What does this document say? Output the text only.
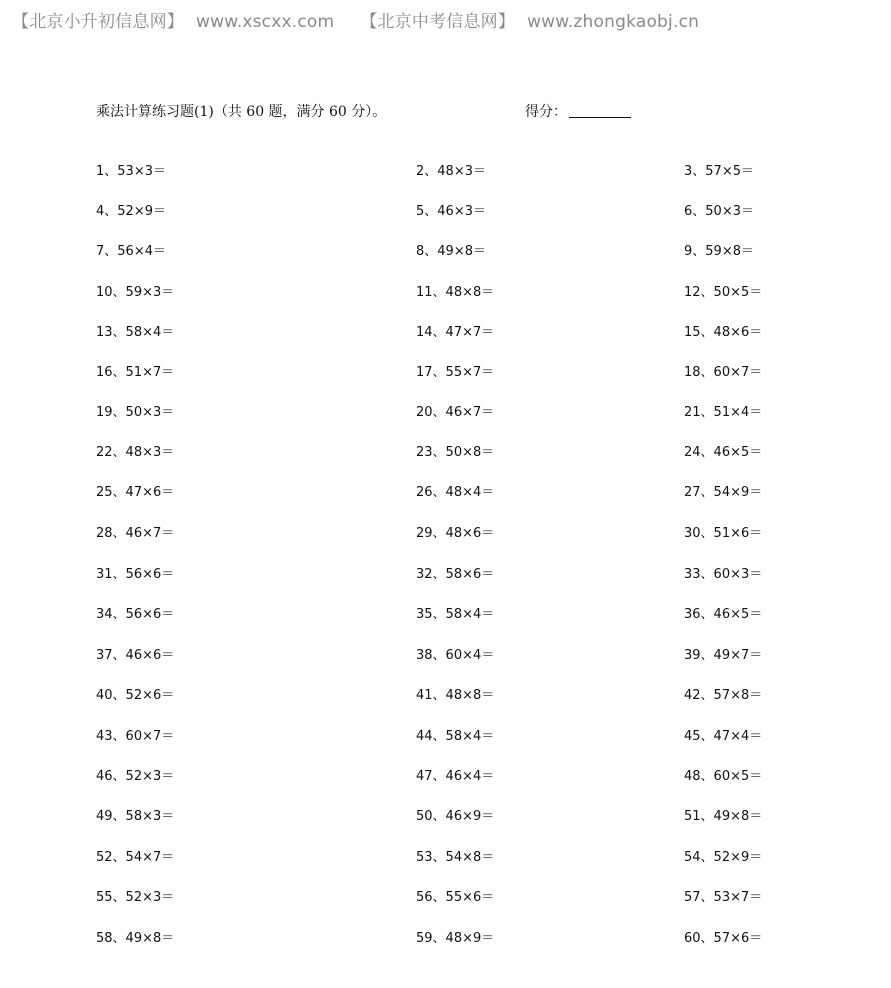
【北京小升初信息网】 www.xscxx.com 【北京中考信息网】 www.zhongkaobj.cn
乘法计算练习题(1)（共 60 题，满分 60 分）。	得分：
1、53×3＝	2、48×3＝	3、57×5＝
4、52×9＝	5、46×3＝	6、50×3＝
7、56×4＝	8、49×8＝	9、59×8＝
10、59×3＝	11、48×8＝	12、50×5＝
13、58×4＝	14、47×7＝	15、48×6＝
16、51×7＝	17、55×7＝	18、60×7＝
19、50×3＝	20、46×7＝	21、51×4＝
22、48×3＝	23、50×8＝	24、46×5＝
25、47×6＝	26、48×4＝	27、54×9＝
28、46×7＝	29、48×6＝	30、51×6＝
31、56×6＝	32、58×6＝	33、60×3＝
34、56×6＝	35、58×4＝	36、46×5＝
37、46×6＝	38、60×4＝	39、49×7＝
40、52×6＝	41、48×8＝	42、57×8＝
43、60×7＝	44、58×4＝	45、47×4＝
46、52×3＝	47、46×4＝	48、60×5＝
49、58×3＝	50、46×9＝	51、49×8＝
52、54×7＝	53、54×8＝	54、52×9＝
55、52×3＝	56、55×6＝	57、53×7＝
58、49×8＝	59、48×9＝	60、57×6＝
